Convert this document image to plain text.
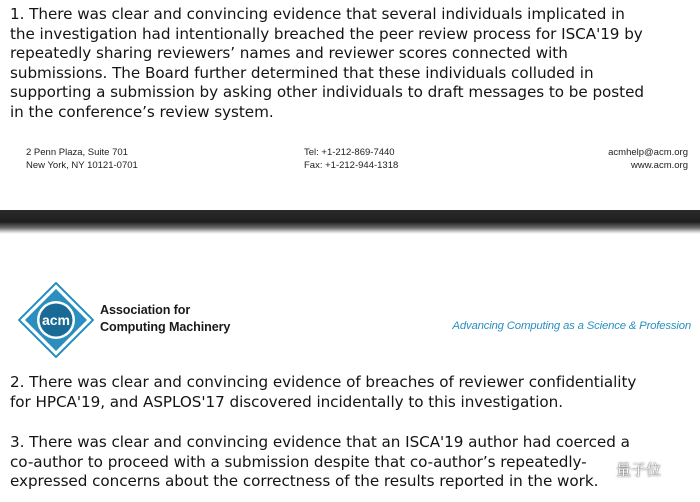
1. There was clear and convincing evidence that several individuals implicated in
the investigation had intentionally breached the peer review process for ISCA'19 by
repeatedly sharing reviewers’ names and reviewer scores connected with
submissions. The Board further determined that these individuals colluded in
supporting a submission by asking other individuals to draft messages to be posted
in the conference’s review system.

2 Penn Plaza, Suite 701
New York, NY 10121-0701
Tel: +1-212-869-7440
Fax: +1-212-944-1318
acmhelp@acm.org
www.acm.org
acm
Association for
Computing Machinery	Advancing Computing as a Science & Profession

2. There was clear and convincing evidence of breaches of reviewer confidentiality
for HPCA'19, and ASPLOS'17 discovered incidentally to this investigation.

3. There was clear and convincing evidence that an ISCA'19 author had coerced a
co-author to proceed with a submission despite that co-author’s repeatedly-
expressed concerns about the correctness of the results reported in the work.

量子位
